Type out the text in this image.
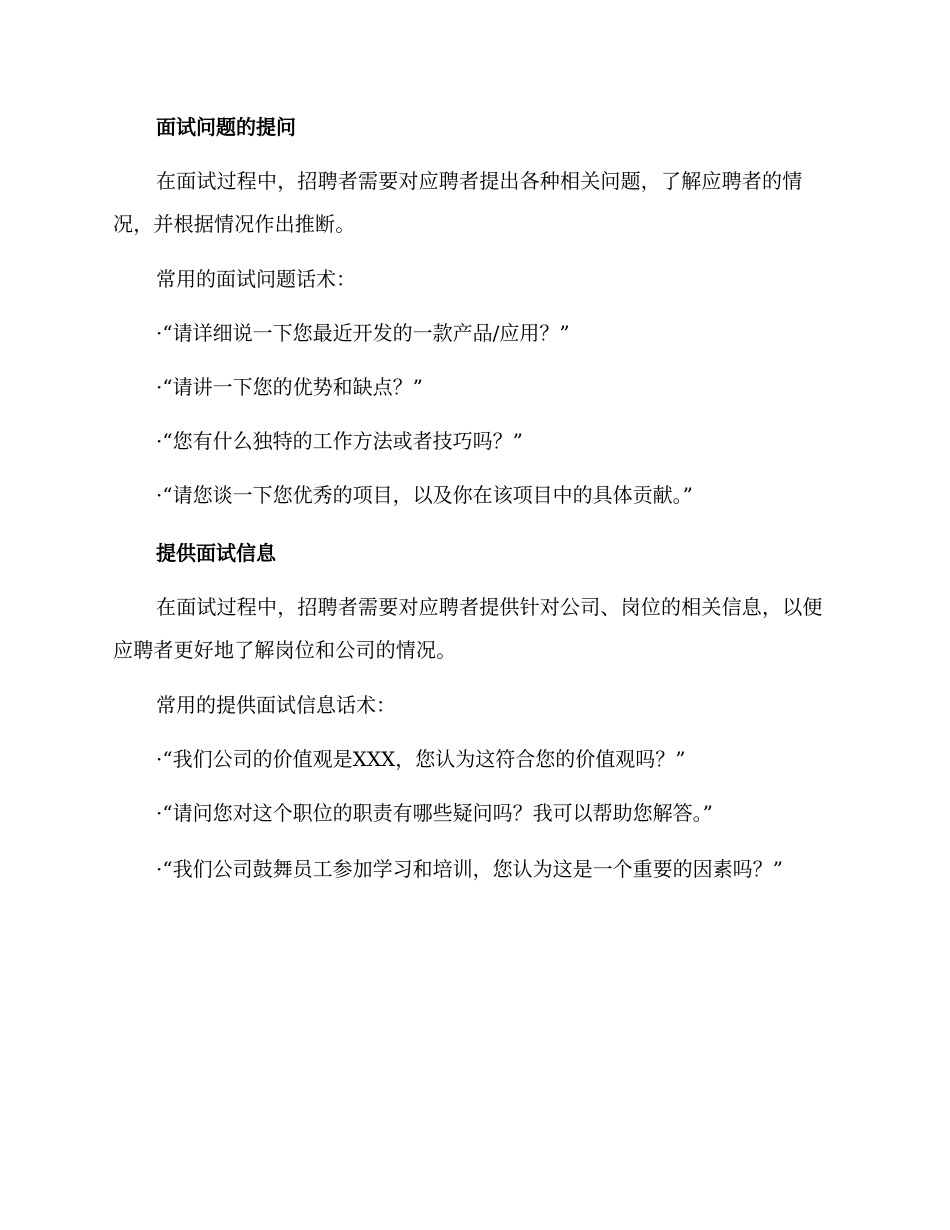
面试问题的提问
在面试过程中，招聘者需要对应聘者提出各种相关问题，了解应聘者的情况，并根据情况作出推断。
常用的面试问题话术：
·“请详细说一下您最近开发的一款产品/应用？”
·“请讲一下您的优势和缺点？”
·“您有什么独特的工作方法或者技巧吗？”
·“请您谈一下您优秀的项目，以及你在该项目中的具体贡献。”
提供面试信息
在面试过程中，招聘者需要对应聘者提供针对公司、岗位的相关信息，以便应聘者更好地了解岗位和公司的情况。
常用的提供面试信息话术：
·“我们公司的价值观是XXX，您认为这符合您的价值观吗？”
·“请问您对这个职位的职责有哪些疑问吗？我可以帮助您解答。”
·“我们公司鼓舞员工参加学习和培训，您认为这是一个重要的因素吗？”
